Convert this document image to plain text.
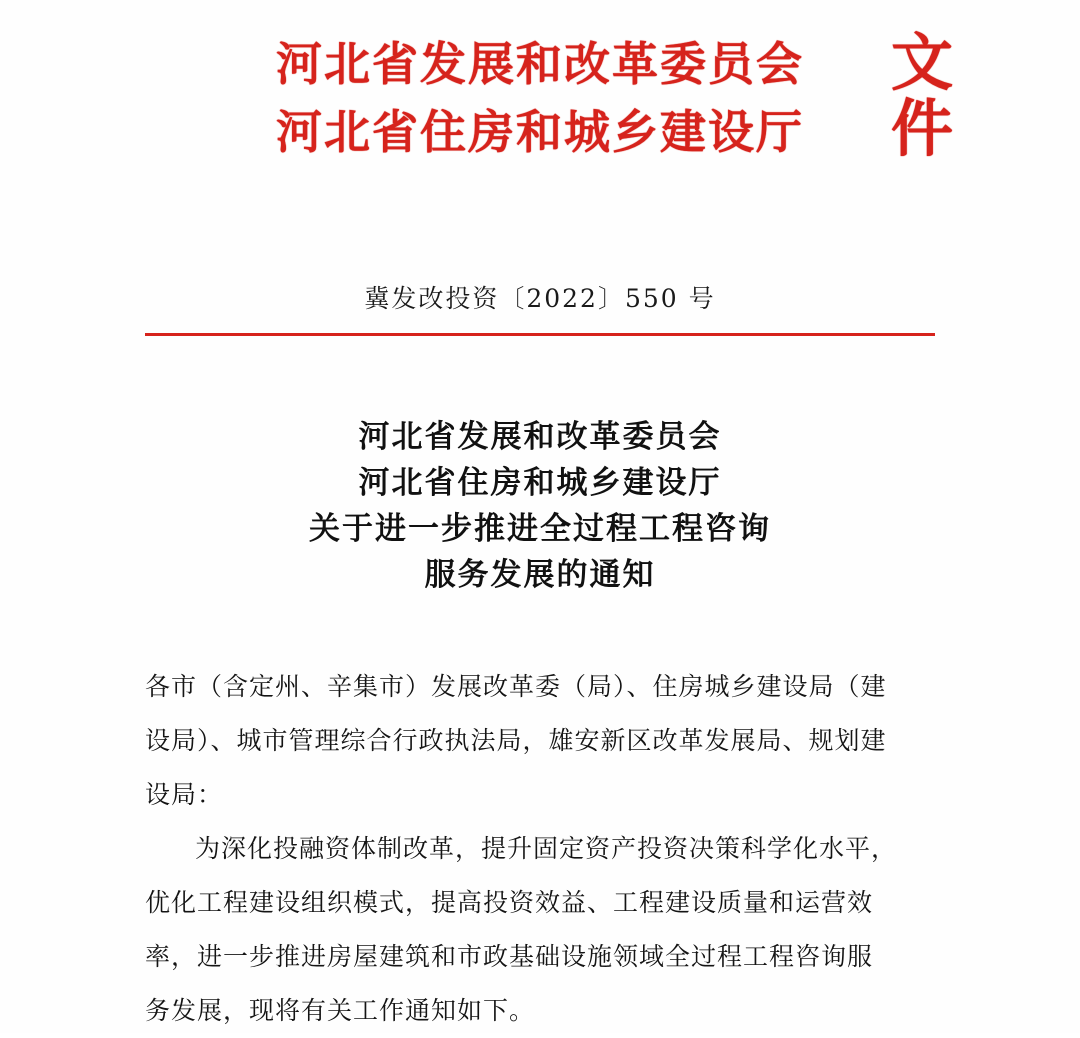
河北省发展和改革委员会
河北省住房和城乡建设厅
文件
冀发改投资〔2022〕550 号
河北省发展和改革委员会
河北省住房和城乡建设厅
关于进一步推进全过程工程咨询
服务发展的通知
各市（含定州、辛集市）发展改革委（局）、住房城乡建设局（建
设局）、城市管理综合行政执法局，雄安新区改革发展局、规划建
设局：
为深化投融资体制改革，提升固定资产投资决策科学化水平，
优化工程建设组织模式，提高投资效益、工程建设质量和运营效
率，进一步推进房屋建筑和市政基础设施领域全过程工程咨询服
务发展，现将有关工作通知如下。
